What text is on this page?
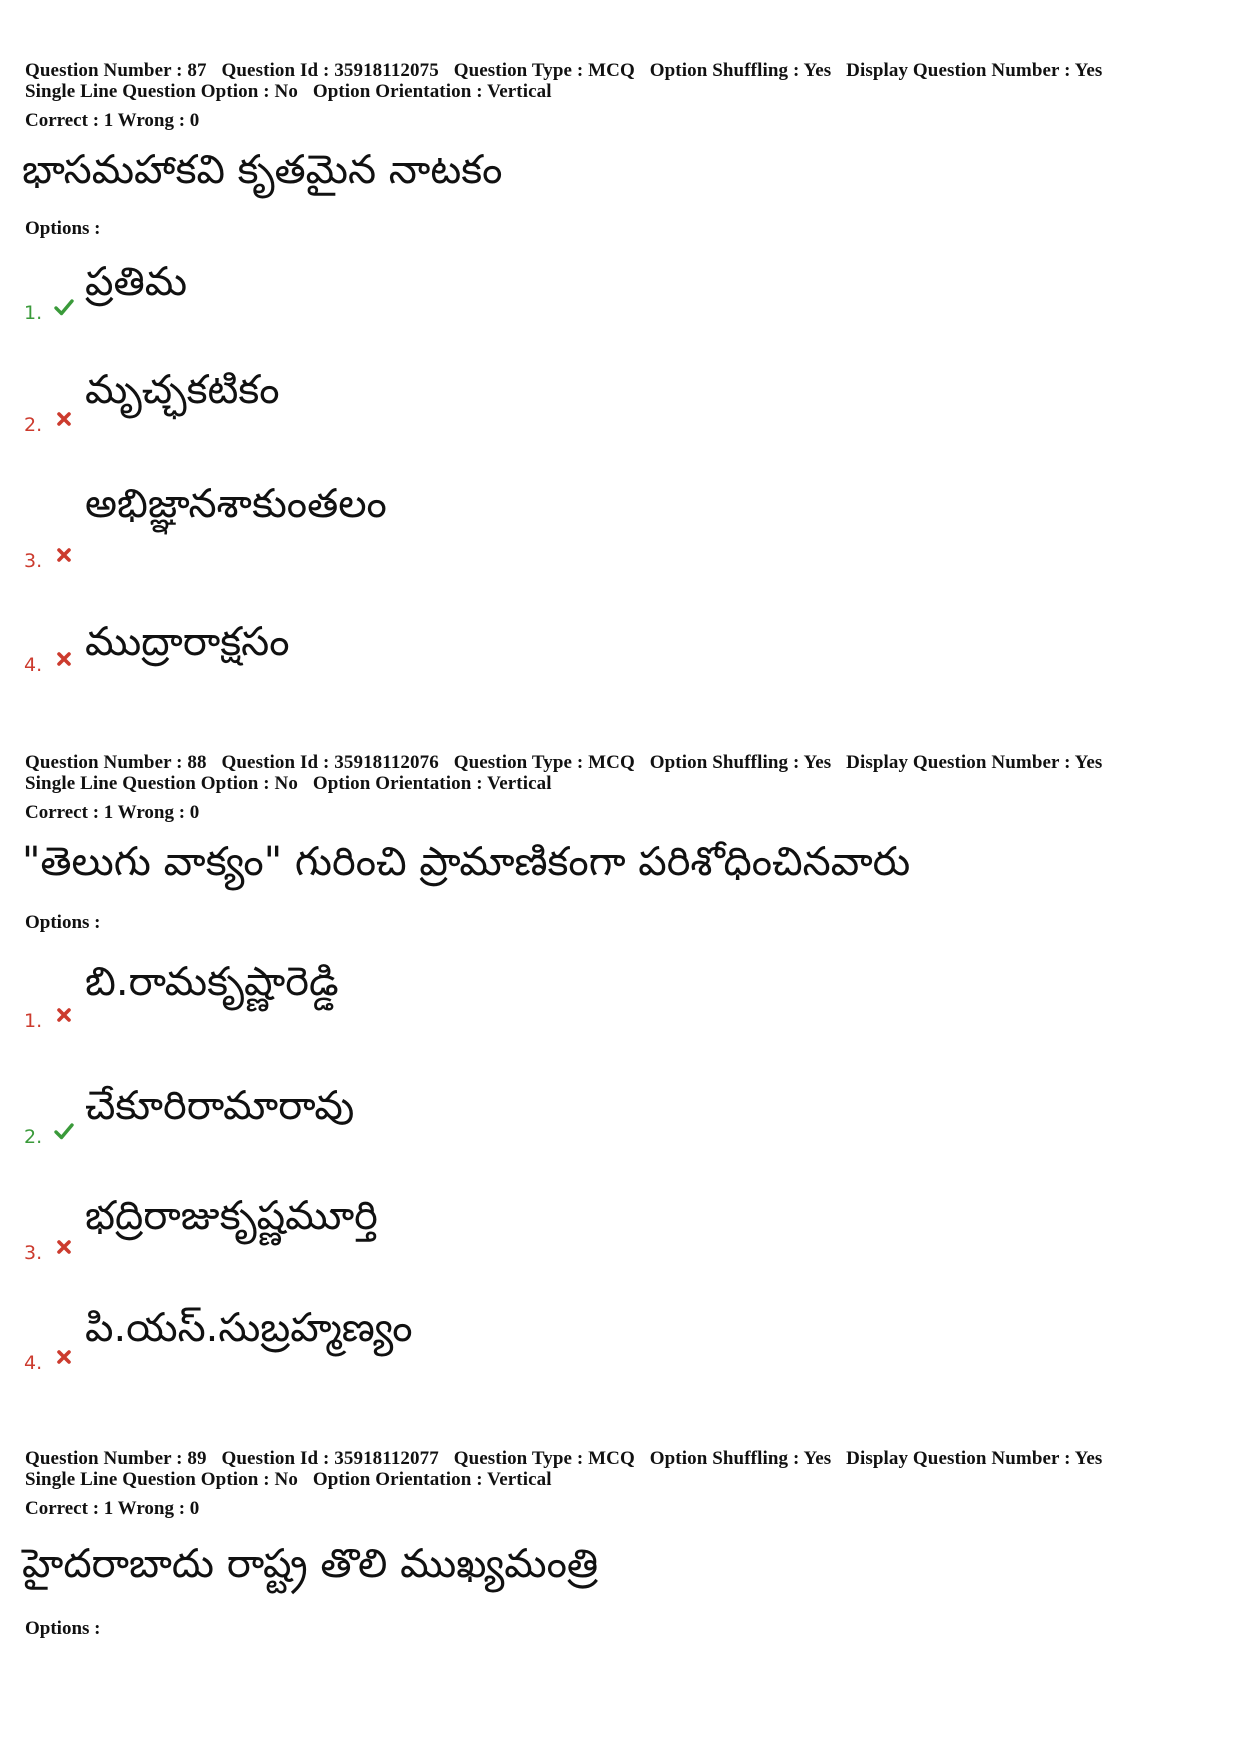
Question Number : 87 Question Id : 35918112075 Question Type : MCQ Option Shuffling : Yes Display Question Number : Yes
Single Line Question Option : No Option Orientation : Vertical
Correct : 1 Wrong : 0
భాసమహాకవి కృతమైన నాటకం
Options :
ప్రతిమ
1.
మృచ్ఛకటికం
2.
అభిజ్ఞానశాకుంతలం
3.
ముద్రారాక్షసం
4.
Question Number : 88 Question Id : 35918112076 Question Type : MCQ Option Shuffling : Yes Display Question Number : Yes
Single Line Question Option : No Option Orientation : Vertical
Correct : 1 Wrong : 0
"తెలుగు వాక్యం" గురించి ప్రామాణికంగా పరిశోధించినవారు
Options :
బి.రామకృష్ణారెడ్డి
1.
చేకూరిరామారావు
2.
భద్రిరాజుకృష్ణమూర్తి
3.
పి.యస్.సుబ్రహ్మణ్యం
4.
Question Number : 89 Question Id : 35918112077 Question Type : MCQ Option Shuffling : Yes Display Question Number : Yes
Single Line Question Option : No Option Orientation : Vertical
Correct : 1 Wrong : 0
హైదరాబాదు రాష్ట్ర తొలి ముఖ్యమంత్రి
Options :
